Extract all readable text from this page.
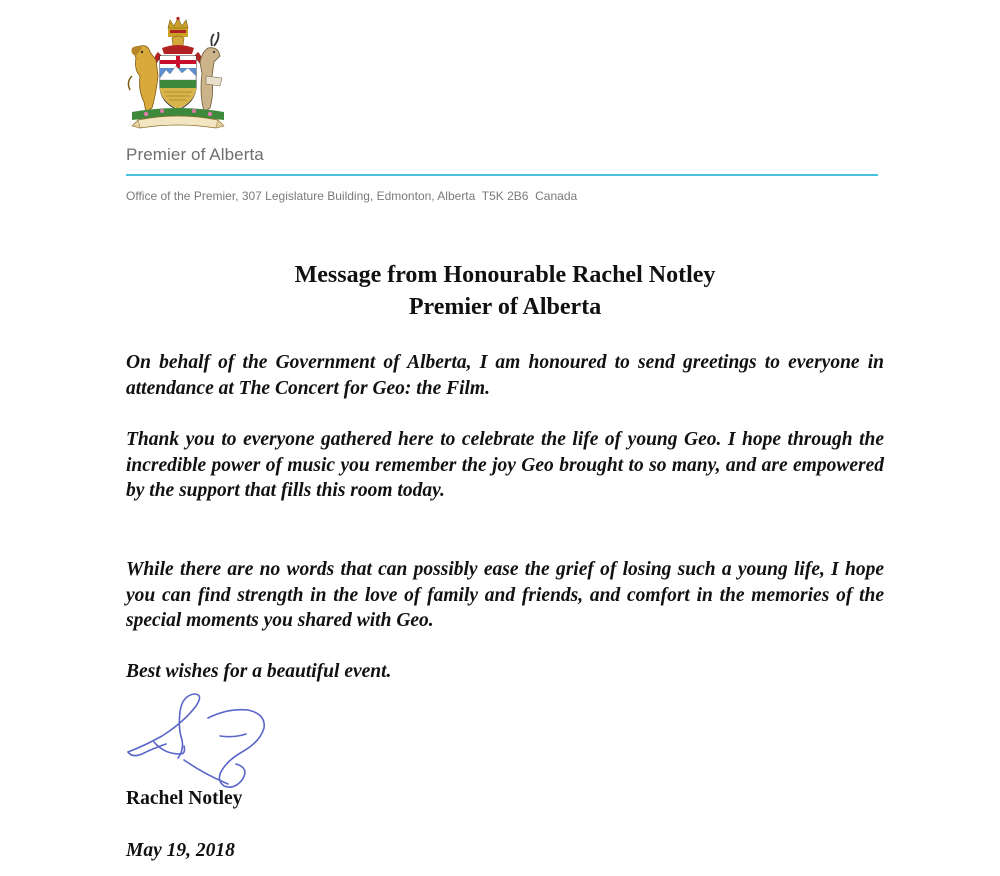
Premier of Alberta
Office of the Premier, 307 Legislature Building, Edmonton, Alberta  T5K 2B6  Canada
Message from Honourable Rachel Notley
Premier of Alberta

On behalf of the Government of Alberta, I am honoured to send greetings to everyone in attendance at The Concert for Geo: the Film.

Thank you to everyone gathered here to celebrate the life of young Geo. I hope through the incredible power of music you remember the joy Geo brought to so many, and are empowered by the support that fills this room today.

While there are no words that can possibly ease the grief of losing such a young life, I hope you can find strength in the love of family and friends, and comfort in the memories of the special moments you shared with Geo.

Best wishes for a beautiful event.

Rachel Notley
May 19, 2018
